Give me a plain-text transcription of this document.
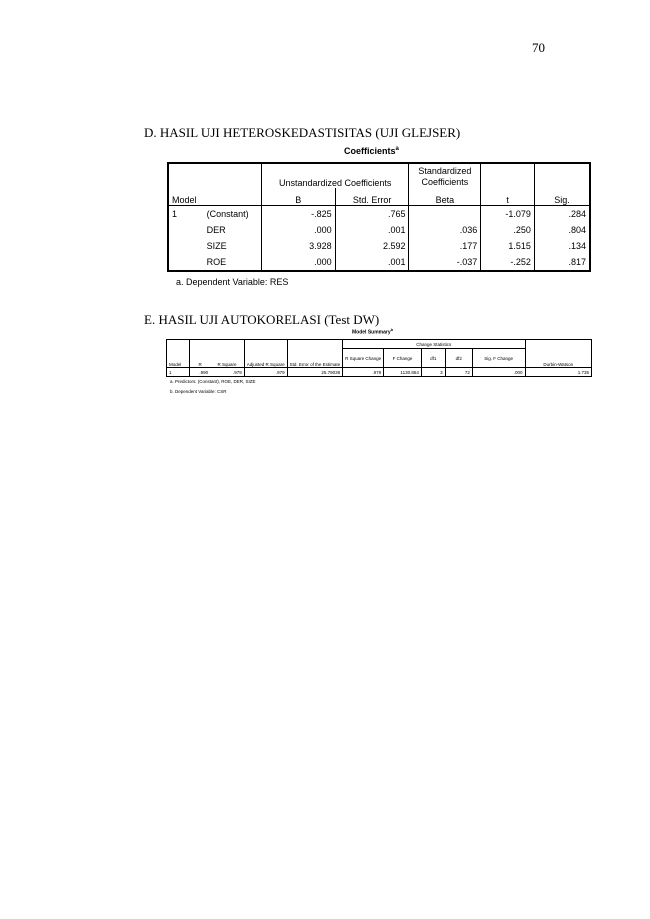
70
D. HASIL UJI HETEROSKEDASTISITAS (UJI GLEJSER)
Coefficients$^a$
Model		Unstandardized Coefficients		Standardized Coefficients	t	Sig.
		B	Std. Error	Beta		
1	(Constant)	-.825	.765		-1.079	.284
	DER	.000	.001	.036	.250	.804
	SIZE	3.928	2.592	.177	1.515	.134
	ROE	.000	.001	-.037	-.252	.817
a. Dependent Variable: RES
E. HASIL UJI AUTOKORELASI (Test DW)
Model Summary$^b$
Model	R	R Square	Adjusted R Square	Std. Error of the Estimate	Change Statistics					Durbin-Watson
					R Square Change	F Change	df1	df2	Sig. F Change	
1	.990	.979	.979	25.79038	.979	1130.864	3	72	.000	1.735
a. Predictors: (Constant), ROE, DER, SIZE
b. Dependent Variable: CSR
